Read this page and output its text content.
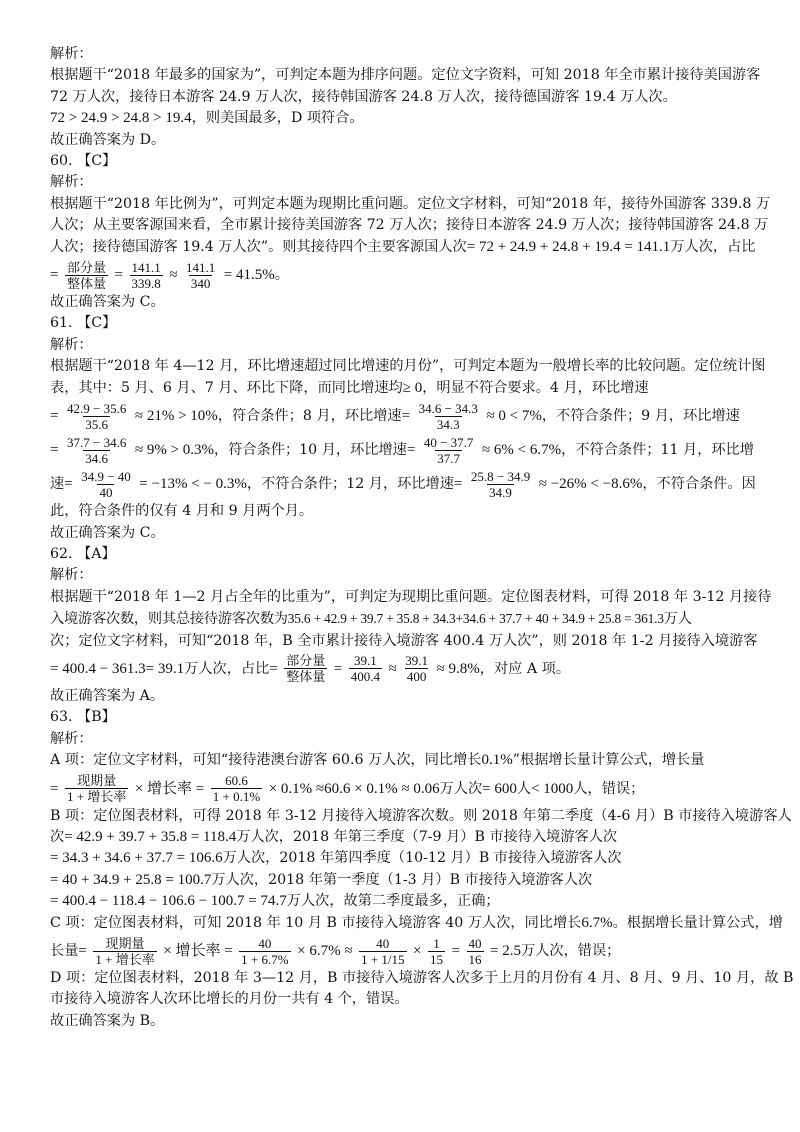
解析：
根据题干“2018 年最多的国家为”，可判定本题为排序问题。定位文字资料，可知 2018 年全市累计接待美国游客
72 万人次，接待日本游客 24.9 万人次，接待韩国游客 24.8 万人次，接待德国游客 19.4 万人次。
72 > 24.9 > 24.8 > 19.4，则美国最多，D 项符合。
故正确答案为 D。
60. 【C】
解析：
根据题干“2018 年比例为”，可判定本题为现期比重问题。定位文字材料，可知“2018 年，接待外国游客 339.8 万
人次；从主要客源国来看，全市累计接待美国游客 72 万人次；接待日本游客 24.9 万人次；接待韩国游客 24.8 万
人次；接待德国游客 19.4 万人次”。则其接待四个主要客源国人次= 72 + 24.9 + 24.8 + 19.4 = 141.1万人次，占比
= $\frac{\text{部分量}}{\text{整体量}} = \frac{141.1}{339.8} \approx \frac{141.1}{340} = 41.5\%$。
故正确答案为 C。
61. 【C】
解析：
根据题干“2018 年 4—12 月，环比增速超过同比增速的月份”，可判定本题为一般增长率的比较问题。定位统计图
表，其中：5 月、6 月、7 月、环比下降，而同比增速均≥ 0，明显不符合要求。4 月，环比增速
= $\frac{42.9 - 35.6}{35.6} \approx 21\% > 10\%$，符合条件；8 月，环比增速= $\frac{34.6 - 34.3}{34.3} \approx 0 < 7\%$，不符合条件；9 月，环比增速
= $\frac{37.7 - 34.6}{34.6} \approx 9\% > 0.3\%$，符合条件；10 月，环比增速= $\frac{40 - 37.7}{37.7} \approx 6\% < 6.7\%$，不符合条件；11 月，环比增
速= $\frac{34.9 - 40}{40} = -13\%$ < − 0.3%，不符合条件；12 月，环比增速= $\frac{25.8 - 34.9}{34.9} \approx -26\% < -8.6\%$，不符合条件。因
此，符合条件的仅有 4 月和 9 月两个月。
故正确答案为 C。
62. 【A】
解析：
根据题干“2018 年 1—2 月占全年的比重为”，可判定为现期比重问题。定位图表材料，可得 2018 年 3-12 月接待
入境游客次数，则其总接待游客次数为35.6 + 42.9 + 39.7 + 35.8 + 34.3+34.6 + 37.7 + 40 + 34.9 + 25.8 = 361.3万人
次；定位文字材料，可知“2018 年，B 全市累计接待入境游客 400.4 万人次”，则 2018 年 1-2 月接待入境游客
= 400.4 − 361.3= 39.1万人次，占比= $\frac{\text{部分量}}{\text{整体量}} = \frac{39.1}{400.4} \approx \frac{39.1}{400} \approx 9.8\%$，对应 A 项。
故正确答案为 A。
63. 【B】
解析：
A 项：定位文字材料，可知“接待港澳台游客 60.6 万人次，同比增长0.1%”根据增长量计算公式，增长量
= $\frac{\text{现期量}}{\text{1 + 增长率}}$ × 增长率 = $\frac{60.6}{1 + 0.1\%} \times 0.1\% \approx 60.6 \times 0.1\% \approx 0.06$万人次= 600人< 1000人，错误；
B 项：定位图表材料，可得 2018 年 3-12 月接待入境游客次数。则 2018 年第二季度（4-6 月）B 市接待入境游客人
次= 42.9 + 39.7 + 35.8 = 118.4万人次，2018 年第三季度（7-9 月）B 市接待入境游客人次
= 34.3 + 34.6 + 37.7 = 106.6万人次，2018 年第四季度（10-12 月）B 市接待入境游客人次
= 40 + 34.9 + 25.8 = 100.7万人次，2018 年第一季度（1-3 月）B 市接待入境游客人次
= 400.4 − 118.4 − 106.6 − 100.7 = 74.7万人次，故第二季度最多，正确；
C 项：定位图表材料，可知 2018 年 10 月 B 市接待入境游客 40 万人次，同比增长6.7%。根据增长量计算公式，增
长量= $\frac{\text{现期量}}{\text{1 + 增长率}}$ × 增长率 = $\frac{40}{1 + 6.7\%} \times 6.7\% \approx \frac{40}{1 + 1/15} \times \frac{1}{15} = \frac{40}{16} = 2.5$万人次，错误；
D 项：定位图表材料，2018 年 3—12 月，B 市接待入境游客人次多于上月的月份有 4 月、8 月、9 月、10 月，故 B
市接待入境游客人次环比增长的月份一共有 4 个，错误。
故正确答案为 B。
